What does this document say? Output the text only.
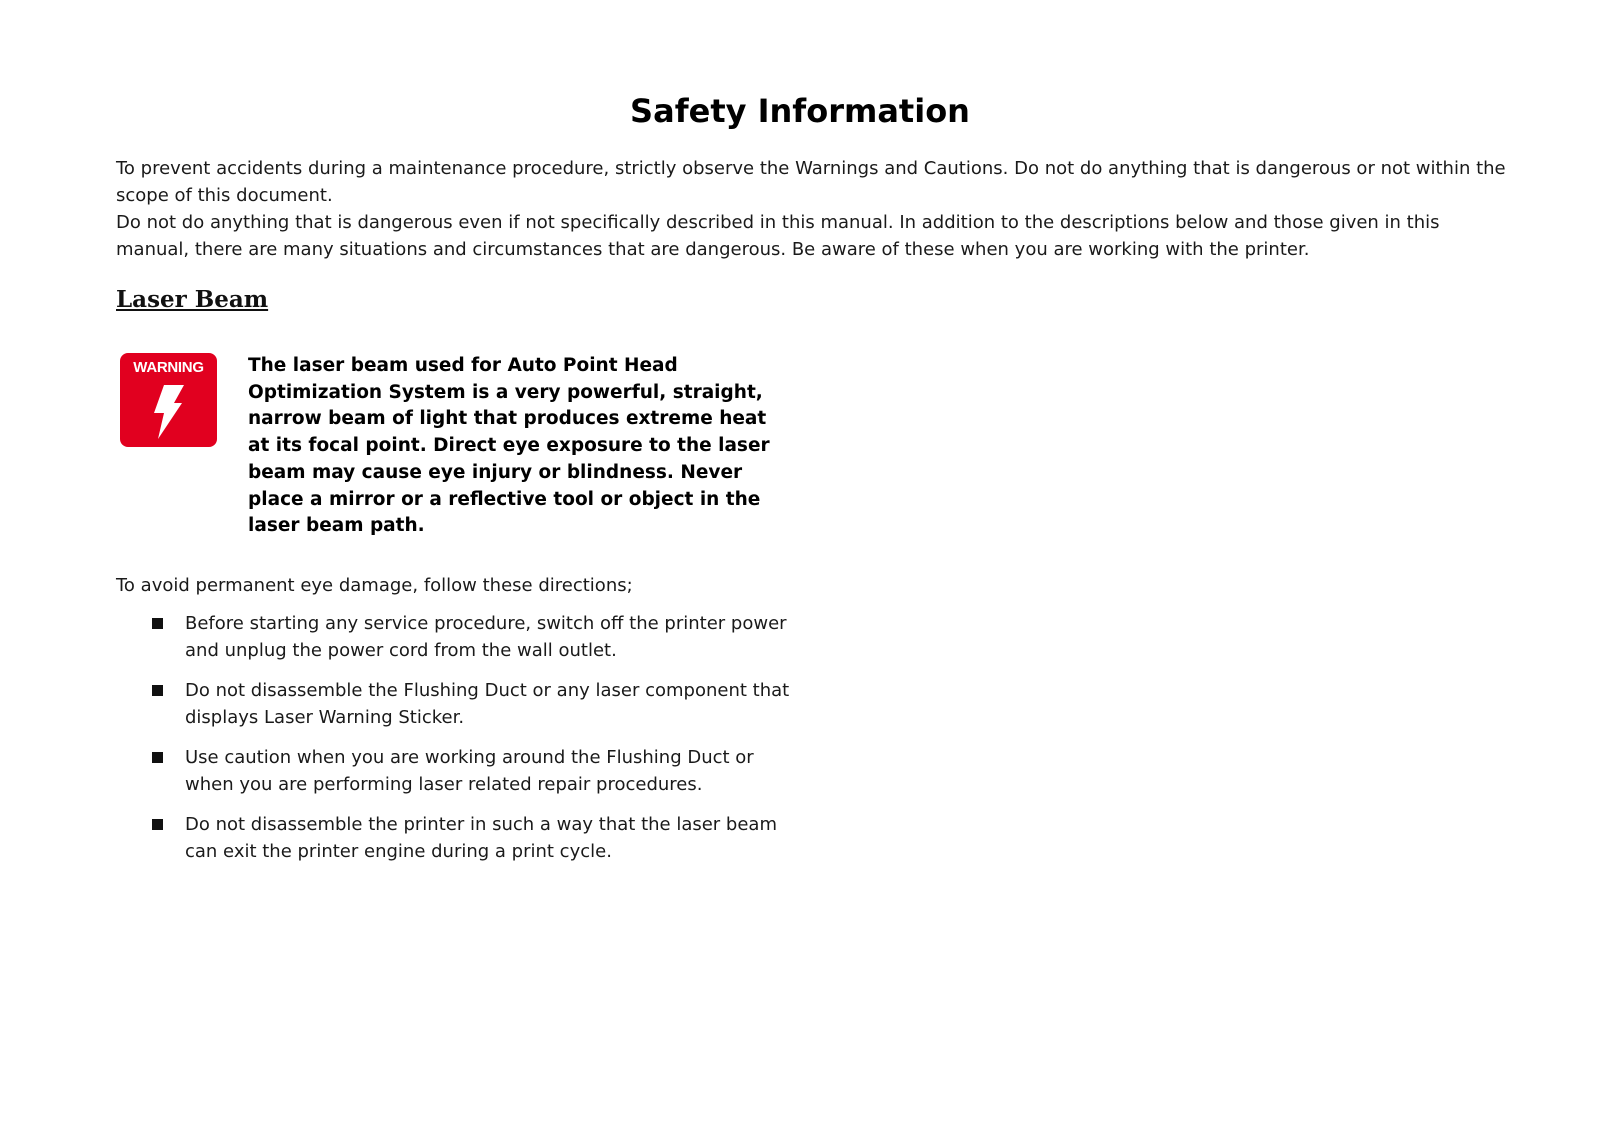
Safety Information

To prevent accidents during a maintenance procedure, strictly observe the Warnings and Cautions. Do not do anything that is dangerous or not within the scope of this document.

Do not do anything that is dangerous even if not specifically described in this manual. In addition to the descriptions below and those given in this manual, there are many situations and circumstances that are dangerous. Be aware of these when you are working with the printer.

Laser Beam
WARNING	The laser beam used for Auto Point Head Optimization System is a very powerful, straight, narrow beam of light that produces extreme heat at its focal point. Direct eye exposure to the laser beam may cause eye injury or blindness. Never place a mirror or a reflective tool or object in the laser beam path.

To avoid permanent eye damage, follow these directions;

Before starting any service procedure, switch off the printer power and unplug the power cord from the wall outlet.
Do not disassemble the Flushing Duct or any laser component that displays Laser Warning Sticker.
Use caution when you are working around the Flushing Duct or when you are performing laser related repair procedures.
Do not disassemble the printer in such a way that the laser beam can exit the printer engine during a print cycle.
